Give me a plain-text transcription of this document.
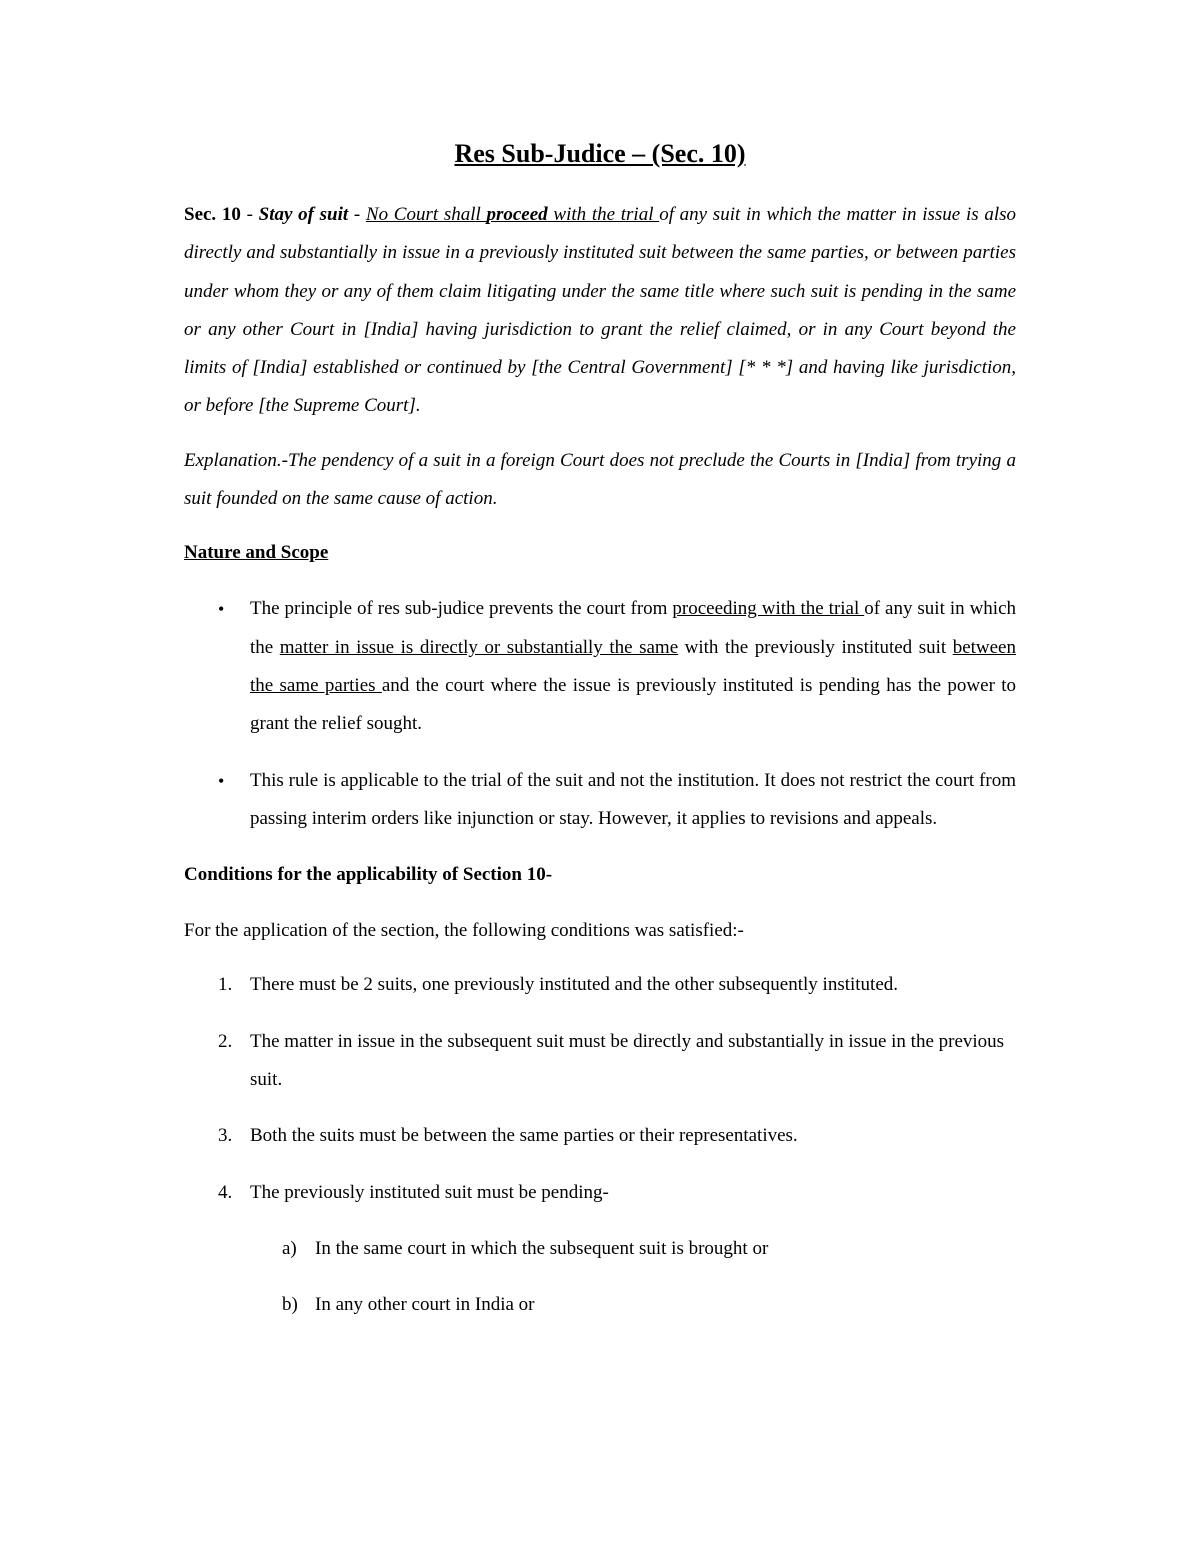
Res Sub-Judice – (Sec. 10)

Sec. 10 - Stay of suit - No Court shall proceed with the trial of any suit in which the matter in issue is also directly and substantially in issue in a previously instituted suit between the same parties, or between parties under whom they or any of them claim litigating under the same title where such suit is pending in the same or any other Court in [India] having jurisdiction to grant the relief claimed, or in any Court beyond the limits of [India] established or continued by [the Central Government] [* * *] and having like jurisdiction, or before [the Supreme Court].

Explanation.-The pendency of a suit in a foreign Court does not preclude the Courts in [India] from trying a suit founded on the same cause of action.

Nature and Scope
• The principle of res sub-judice prevents the court from proceeding with the trial of any suit in which the matter in issue is directly or substantially the same with the previously instituted suit between the same parties and the court where the issue is previously instituted is pending has the power to grant the relief sought.
• This rule is applicable to the trial of the suit and not the institution. It does not restrict the court from passing interim orders like injunction or stay. However, it applies to revisions and appeals.
Conditions for the applicability of Section 10-

For the application of the section, the following conditions was satisfied:-

1. There must be 2 suits, one previously instituted and the other subsequently instituted.
2. The matter in issue in the subsequent suit must be directly and substantially in issue in the previous suit.
3. Both the suits must be between the same parties or their representatives.
4. The previously instituted suit must be pending-
a) In the same court in which the subsequent suit is brought or
b) In any other court in India or
